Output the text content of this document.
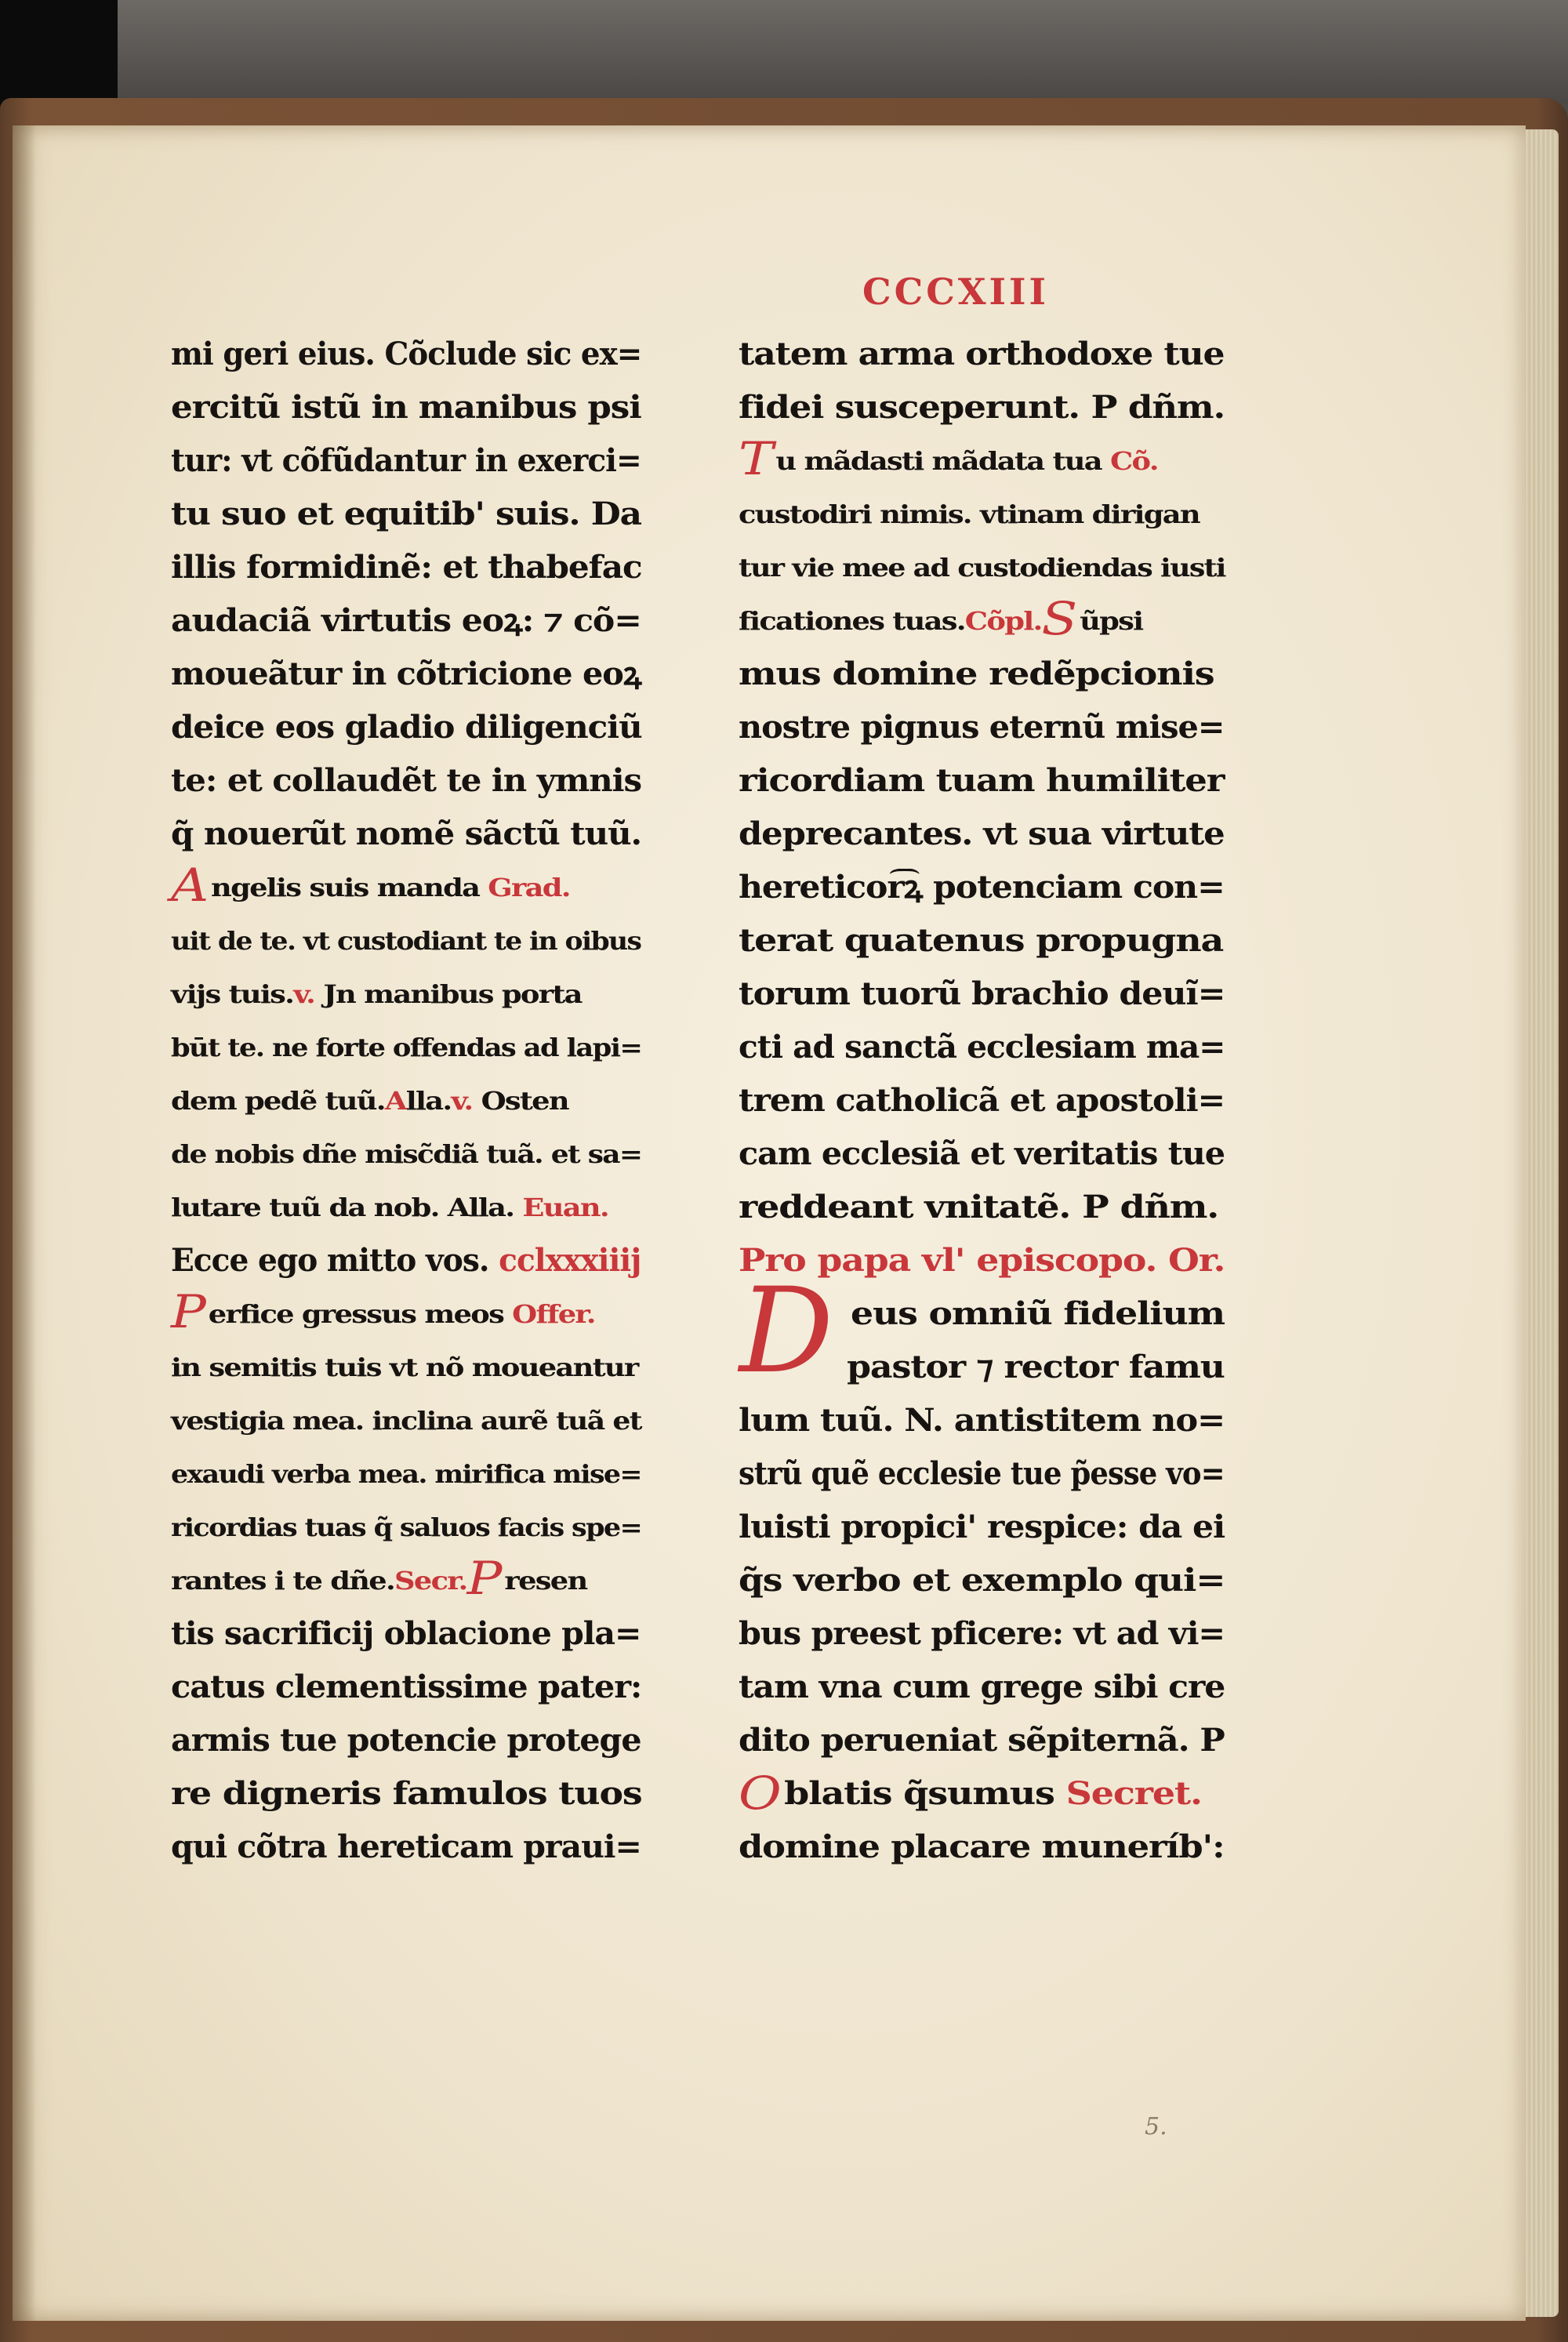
CCCXIII
mi geri eius. Cõclude sic ex=
ercitũ istũ in manibus psi
tur: vt cõfũdantur in exerci=
tu suo et equitib' suis. Da
illis formidinẽ: et thabefac
audaciã virtutis eoꝝ: ⁊ cõ=
moueãtur in cõtricione eoꝝ
deice eos gladio diligenciũ
te: et collaudẽt te in ymnis
q̃ nouerũt nomẽ sãctũ tuũ.
Angelis suis manda Grad.
uit de te. vt custodiant te in oibus
vijs tuis.v. Jn manibus porta
būt te. ne forte offendas ad lapi=
dem pedẽ tuũ.Alla.v. Osten
de nobis dñe misc̃diã tuã. et sa=
lutare tuũ da nob. Alla. Euan.
Ecce ego mitto vos. cclxxxiiij
Perfice gressus meos Offer.
in semitis tuis vt nõ moueantur
vestigia mea. inclina aurẽ tuã et
exaudi verba mea. mirifica mise=
ricordias tuas q̃ saluos facis spe=
rantes i te dñe.Secr.P resen
tis sacrificij oblacione pla=
catus clementissime pater:
armis tue potencie protege
re digneris famulos tuos
qui cõtra hereticam praui=
tatem arma orthodoxe tue
fidei susceperunt. P dñm.
Tu mãdasti mãdata tua Cõ.
custodiri nimis. vtinam dirigan
tur vie mee ad custodiendas iusti
ficationes tuas.Cõpl.S ũpsi
mus domine redẽpcionis
nostre pignus eternũ mise=
ricordiam tuam humiliter
deprecantes. vt sua virtute
hereticor͡ꝝ potenciam con=
terat quatenus propugna
torum tuorũ brachio deuĩ=
cti ad sanctã ecclesiam ma=
trem catholicã et apostoli=
cam ecclesiã et veritatis tue
reddeant vnitatẽ. P dñm.
Pro papa vl' episcopo. Or.
eus omniũ fidelium
pastor ⁊ rector famu
lum tuũ. N. antistitem no=
strũ quẽ ecclesie tue p̃esse vo=
luisti propici' respice: da ei
q̃s verbo et exemplo qui=
bus preest pficere: vt ad vi=
tam vna cum grege sibi cre
dito perueniat sẽpiternã. P
O blatis q̃sumus Secret.
domine placare muneríb':
D
5.
